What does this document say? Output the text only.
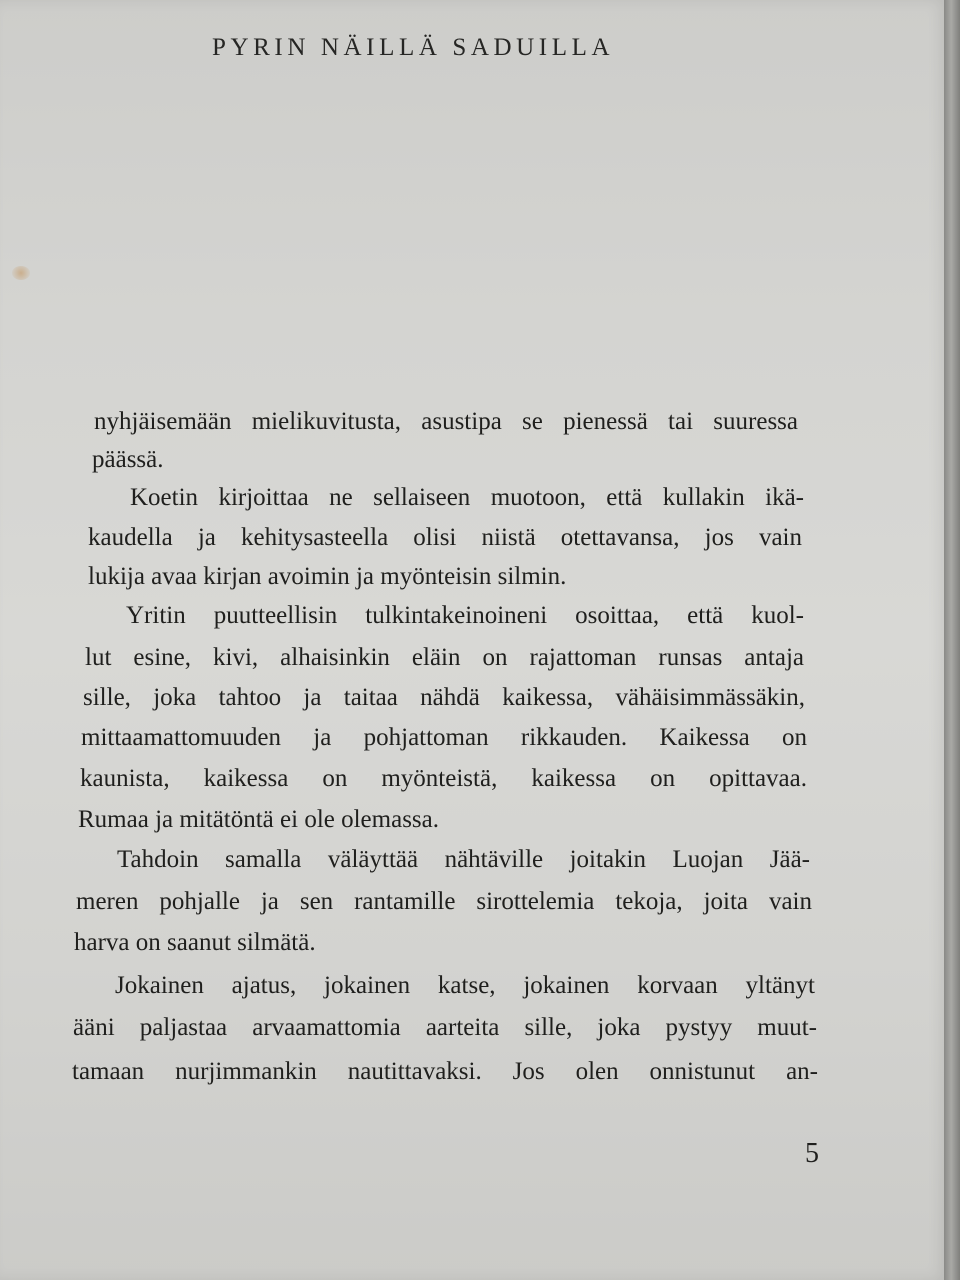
PYRIN NÄILLÄ SADUILLA

nyhjäisemään mielikuvitusta, asustipa se pienessä tai suuressa

päässä.

Koetin kirjoittaa ne sellaiseen muotoon, että kullakin ikä-

kaudella ja kehitysasteella olisi niistä otettavansa, jos vain

lukija avaa kirjan avoimin ja myönteisin silmin.

Yritin puutteellisin tulkintakeinoineni osoittaa, että kuol-

lut esine, kivi, alhaisinkin eläin on rajattoman runsas antaja

sille, joka tahtoo ja taitaa nähdä kaikessa, vähäisimmässäkin,

mittaamattomuuden ja pohjattoman rikkauden. Kaikessa on

kaunista, kaikessa on myönteistä, kaikessa on opittavaa.

Rumaa ja mitätöntä ei ole olemassa.

Tahdoin samalla väläyttää nähtäville joitakin Luojan Jää-

meren pohjalle ja sen rantamille sirottelemia tekoja, joita vain

harva on saanut silmätä.

Jokainen ajatus, jokainen katse, jokainen korvaan yltänyt

ääni paljastaa arvaamattomia aarteita sille, joka pystyy muut-

tamaan nurjimmankin nautittavaksi. Jos olen onnistunut an-

5
